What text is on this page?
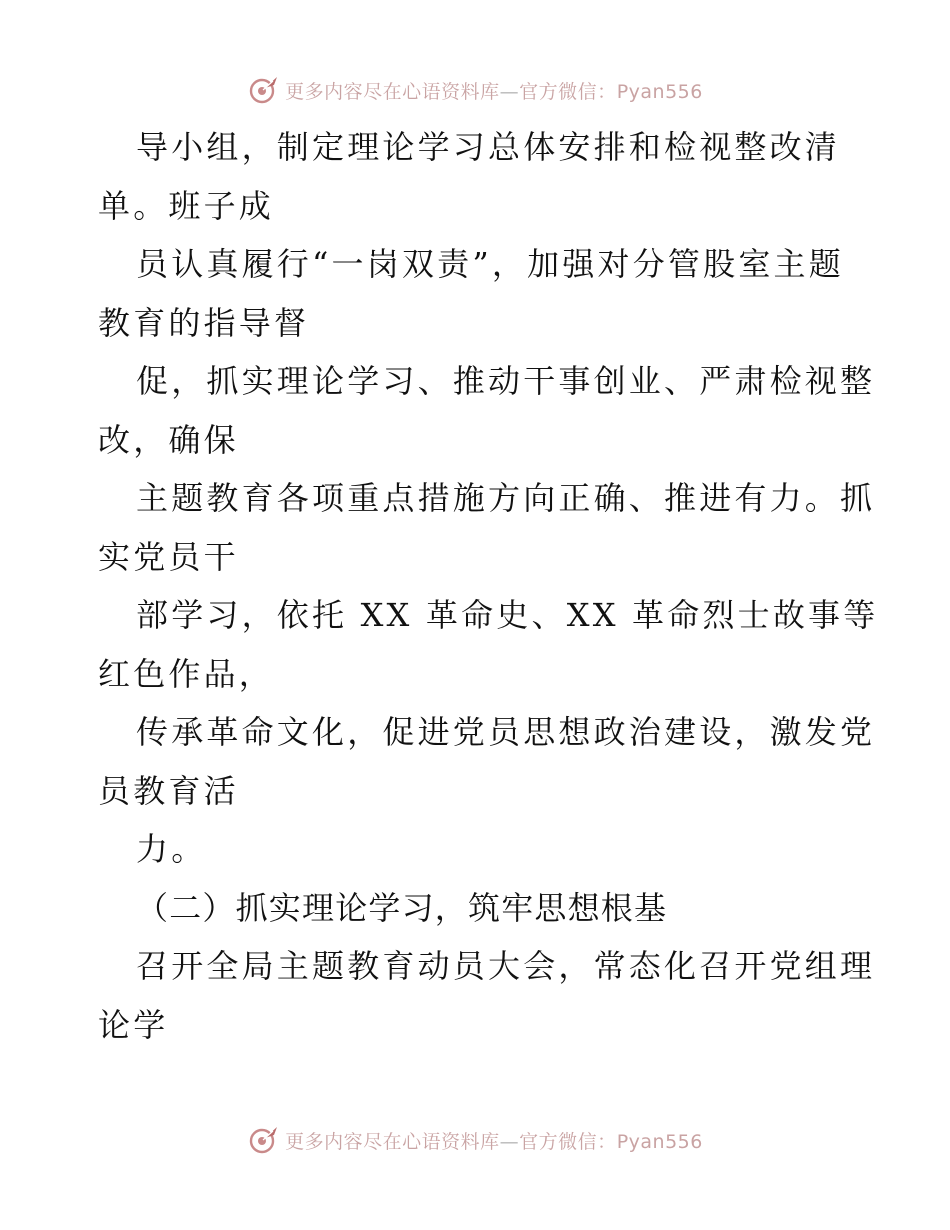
更多内容尽在心语资料库—官方微信：Pyan556
导小组，制定理论学习总体安排和检视整改清
单。班子成
员认真履行“一岗双责”，加强对分管股室主题
教育的指导督
促，抓实理论学习、推动干事创业、严肃检视整
改，确保
主题教育各项重点措施方向正确、推进有力。抓
实党员干
部学习，依托 XX 革命史、XX 革命烈士故事等
红色作品，
传承革命文化，促进党员思想政治建设，激发党
员教育活
力。
（二）抓实理论学习，筑牢思想根基
召开全局主题教育动员大会，常态化召开党组理
论学
更多内容尽在心语资料库—官方微信：Pyan556
